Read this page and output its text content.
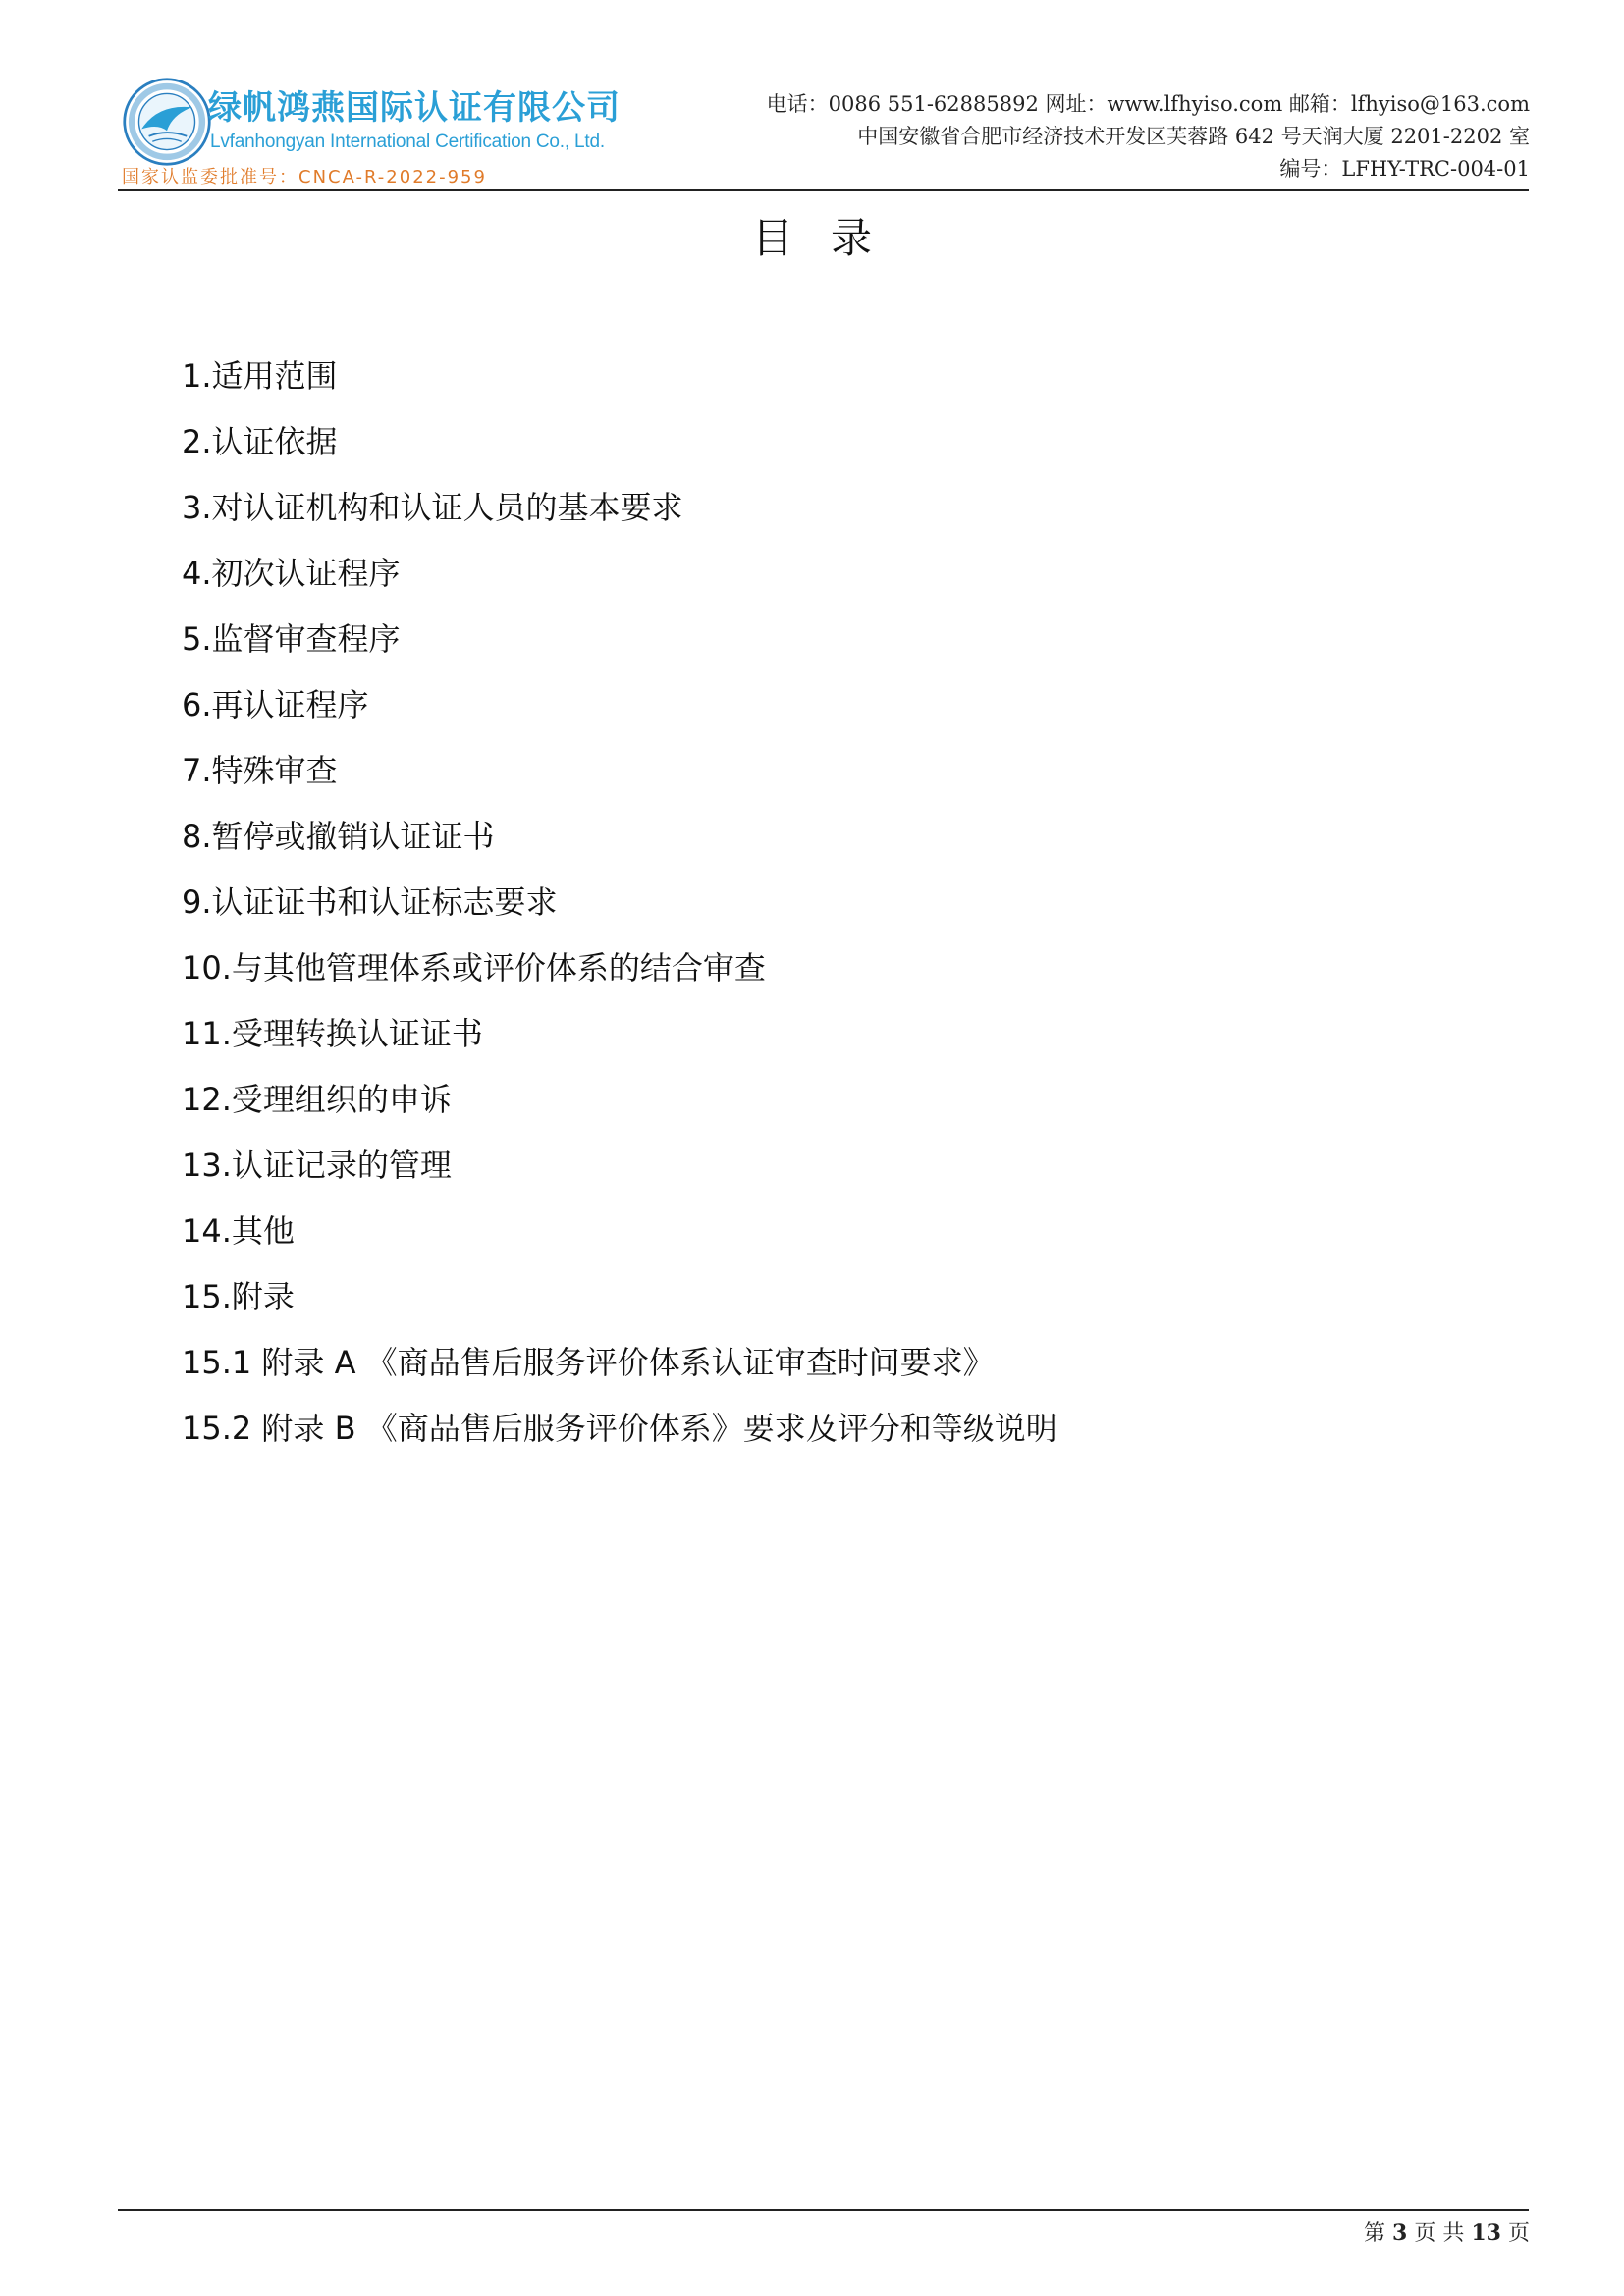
绿帆鸿燕国际认证有限公司
Lvfanhongyan International Certification Co., Ltd.
国家认监委批准号：CNCA-R-2022-959
电话：0086 551-62885892 网址：www.lfhyiso.com 邮箱：lfhyiso@163.com
中国安徽省合肥市经济技术开发区芙蓉路 642 号天润大厦 2201-2202 室
编号：LFHY-TRC-004-01
目录
1.适用范围
2.认证依据
3.对认证机构和认证人员的基本要求
4.初次认证程序
5.监督审查程序
6.再认证程序
7.特殊审查
8.暂停或撤销认证证书
9.认证证书和认证标志要求
10.与其他管理体系或评价体系的结合审查
11.受理转换认证证书
12.受理组织的申诉
13.认证记录的管理
14.其他
15.附录
15.1 附录 A 《商品售后服务评价体系认证审查时间要求》
15.2 附录 B 《商品售后服务评价体系》要求及评分和等级说明
第 3 页 共 13 页
